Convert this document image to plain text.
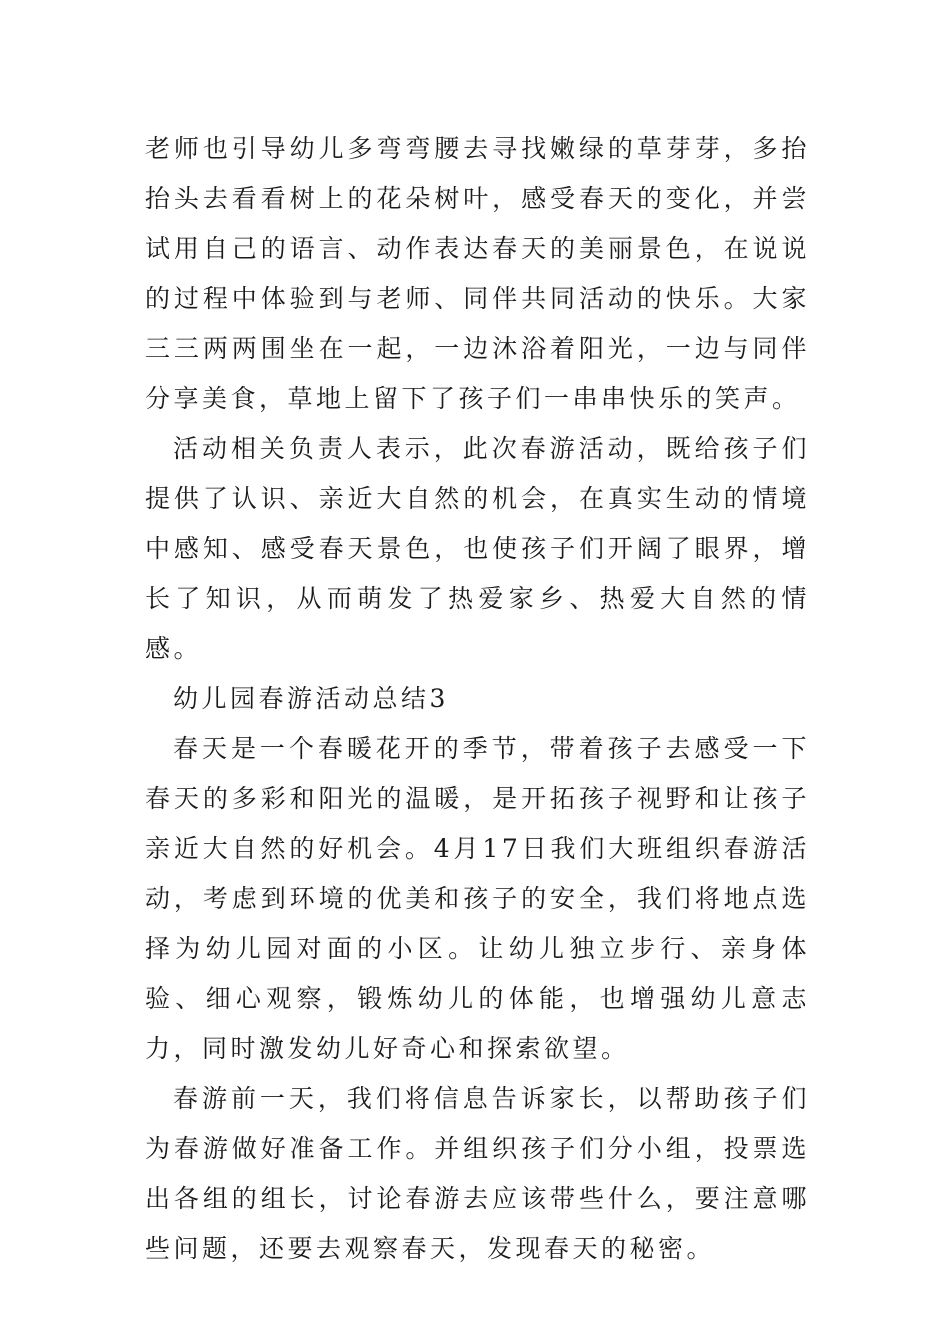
老师也引导幼儿多弯弯腰去寻找嫩绿的草芽芽，多抬抬头去看看树上的花朵树叶，感受春天的变化，并尝试用自己的语言、动作表达春天的美丽景色，在说说的过程中体验到与老师、同伴共同活动的快乐。大家三三两两围坐在一起，一边沐浴着阳光，一边与同伴分享美食，草地上留下了孩子们一串串快乐的笑声。

活动相关负责人表示，此次春游活动，既给孩子们提供了认识、亲近大自然的机会，在真实生动的情境中感知、感受春天景色，也使孩子们开阔了眼界，增长了知识，从而萌发了热爱家乡、热爱大自然的情感。

幼儿园春游活动总结3

春天是一个春暖花开的季节，带着孩子去感受一下春天的多彩和阳光的温暖，是开拓孩子视野和让孩子亲近大自然的好机会。4月17日我们大班组织春游活动，考虑到环境的优美和孩子的安全，我们将地点选择为幼儿园对面的小区。让幼儿独立步行、亲身体验、细心观察，锻炼幼儿的体能，也增强幼儿意志力，同时激发幼儿好奇心和探索欲望。

春游前一天，我们将信息告诉家长，以帮助孩子们为春游做好准备工作。并组织孩子们分小组，投票选出各组的组长，讨论春游去应该带些什么，要注意哪些问题，还要去观察春天，发现春天的秘密。
